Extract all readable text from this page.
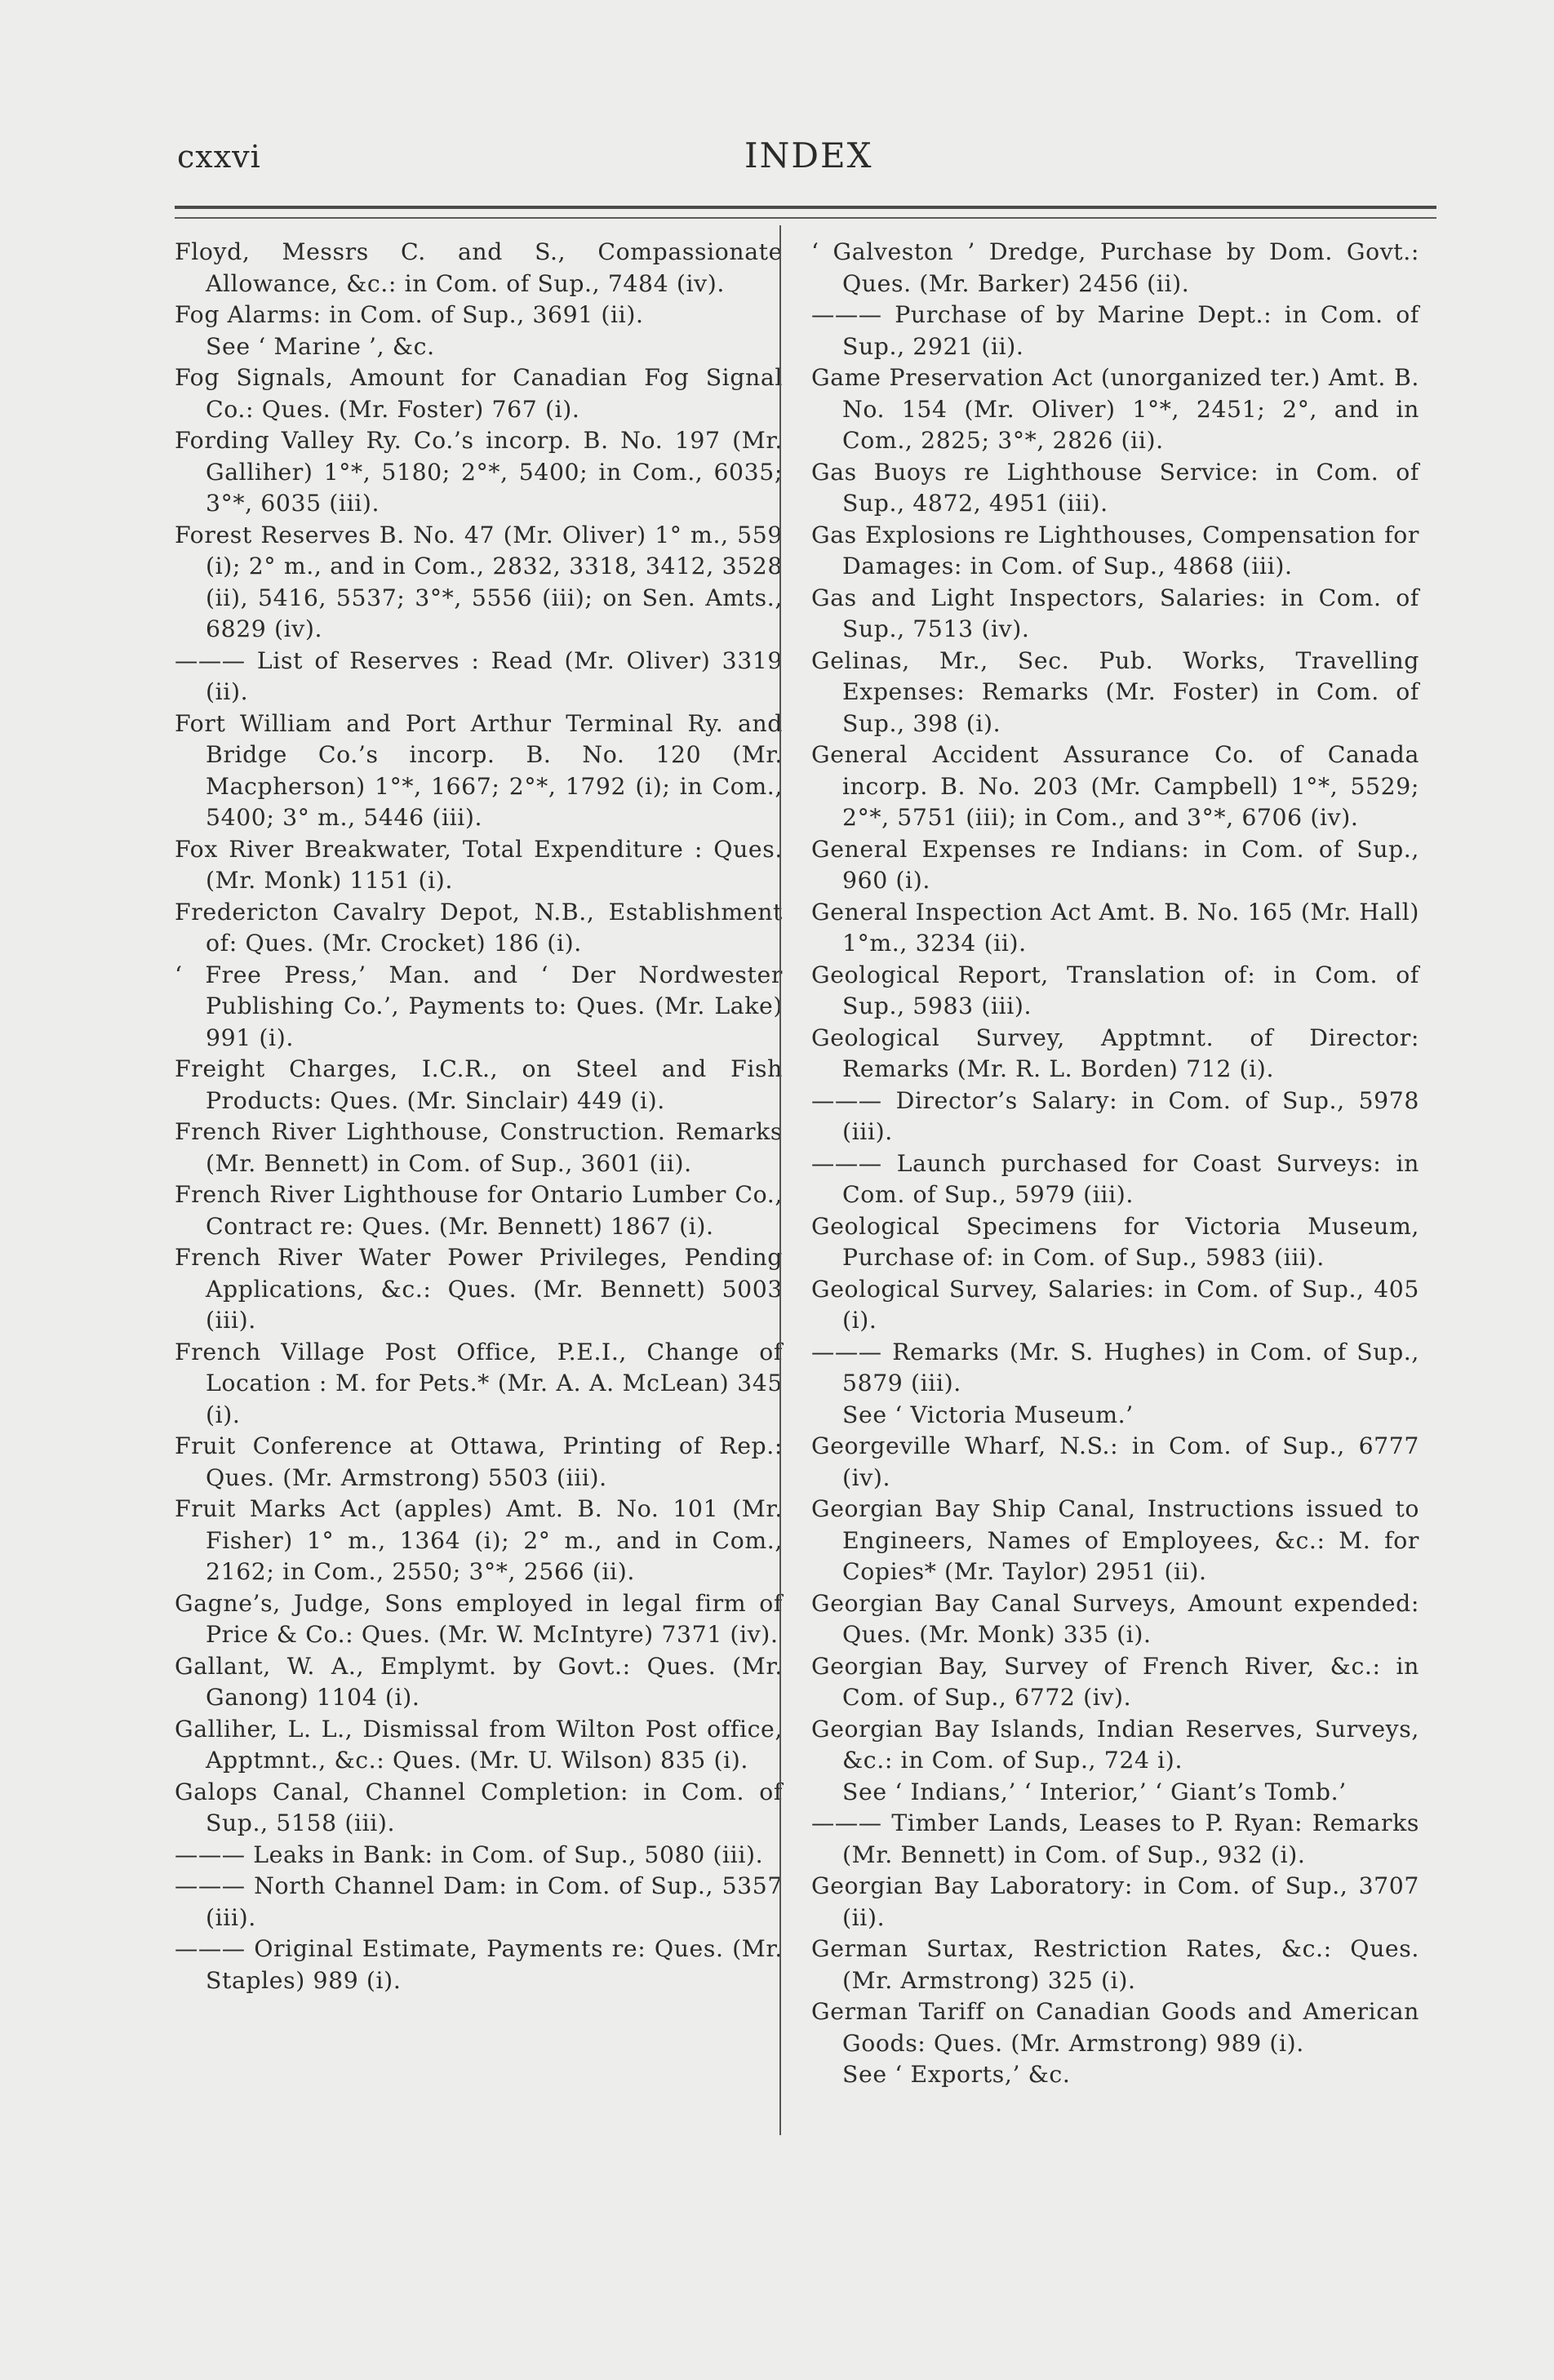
cxxvi	INDEX

Floyd, Messrs C. and S., Compassionate Allowance, &c.: in Com. of Sup., 7484 (iv).

Fog Alarms: in Com. of Sup., 3691 (ii).

See ‘ Marine ’, &c.

Fog Signals, Amount for Canadian Fog Signal Co.: Ques. (Mr. Foster) 767 (i).

Fording Valley Ry. Co.’s incorp. B. No. 197 (Mr. Galliher) 1°*, 5180; 2°*, 5400; in Com., 6035; 3°*, 6035 (iii).

Forest Reserves B. No. 47 (Mr. Oliver) 1° m., 559 (i); 2° m., and in Com., 2832, 3318, 3412, 3528 (ii), 5416, 5537; 3°*, 5556 (iii); on Sen. Amts., 6829 (iv).

——— List of Reserves : Read (Mr. Oliver) 3319 (ii).

Fort William and Port Arthur Terminal Ry. and Bridge Co.’s incorp. B. No. 120 (Mr. Macpherson) 1°*, 1667; 2°*, 1792 (i); in Com., 5400; 3° m., 5446 (iii).

Fox River Breakwater, Total Expenditure : Ques. (Mr. Monk) 1151 (i).

Fredericton Cavalry Depot, N.B., Establishment of: Ques. (Mr. Crocket) 186 (i).

‘ Free Press,’ Man. and ‘ Der Nordwester Publishing Co.’, Payments to: Ques. (Mr. Lake) 991 (i).

Freight Charges, I.C.R., on Steel and Fish Products: Ques. (Mr. Sinclair) 449 (i).

French River Lighthouse, Construction. Remarks (Mr. Bennett) in Com. of Sup., 3601 (ii).

French River Lighthouse for Ontario Lumber Co., Contract re: Ques. (Mr. Bennett) 1867 (i).

French River Water Power Privileges, Pending Applications, &c.: Ques. (Mr. Bennett) 5003 (iii).

French Village Post Office, P.E.I., Change of Location : M. for Pets.* (Mr. A. A. McLean) 345 (i).

Fruit Conference at Ottawa, Printing of Rep.: Ques. (Mr. Armstrong) 5503 (iii).

Fruit Marks Act (apples) Amt. B. No. 101 (Mr. Fisher) 1° m., 1364 (i); 2° m., and in Com., 2162; in Com., 2550; 3°*, 2566 (ii).

Gagne’s, Judge, Sons employed in legal firm of Price & Co.: Ques. (Mr. W. McIntyre) 7371 (iv).

Gallant, W. A., Emplymt. by Govt.: Ques. (Mr. Ganong) 1104 (i).

Galliher, L. L., Dismissal from Wilton Post office, Apptmnt., &c.: Ques. (Mr. U. Wilson) 835 (i).

Galops Canal, Channel Completion: in Com. of Sup., 5158 (iii).

——— Leaks in Bank: in Com. of Sup., 5080 (iii).

——— North Channel Dam: in Com. of Sup., 5357 (iii).

——— Original Estimate, Payments re: Ques. (Mr. Staples) 989 (i).

‘ Galveston ’ Dredge, Purchase by Dom. Govt.: Ques. (Mr. Barker) 2456 (ii).

——— Purchase of by Marine Dept.: in Com. of Sup., 2921 (ii).

Game Preservation Act (unorganized ter.) Amt. B. No. 154 (Mr. Oliver) 1°*, 2451; 2°, and in Com., 2825; 3°*, 2826 (ii).

Gas Buoys re Lighthouse Service: in Com. of Sup., 4872, 4951 (iii).

Gas Explosions re Lighthouses, Compensation for Damages: in Com. of Sup., 4868 (iii).

Gas and Light Inspectors, Salaries: in Com. of Sup., 7513 (iv).

Gelinas, Mr., Sec. Pub. Works, Travelling Expenses: Remarks (Mr. Foster) in Com. of Sup., 398 (i).

General Accident Assurance Co. of Canada incorp. B. No. 203 (Mr. Campbell) 1°*, 5529; 2°*, 5751 (iii); in Com., and 3°*, 6706 (iv).

General Expenses re Indians: in Com. of Sup., 960 (i).

General Inspection Act Amt. B. No. 165 (Mr. Hall) 1°m., 3234 (ii).

Geological Report, Translation of: in Com. of Sup., 5983 (iii).

Geological Survey, Apptmnt. of Director: Remarks (Mr. R. L. Borden) 712 (i).

——— Director’s Salary: in Com. of Sup., 5978 (iii).

——— Launch purchased for Coast Surveys: in Com. of Sup., 5979 (iii).

Geological Specimens for Victoria Museum, Purchase of: in Com. of Sup., 5983 (iii).

Geological Survey, Salaries: in Com. of Sup., 405 (i).

——— Remarks (Mr. S. Hughes) in Com. of Sup., 5879 (iii).

See ‘ Victoria Museum.’

Georgeville Wharf, N.S.: in Com. of Sup., 6777 (iv).

Georgian Bay Ship Canal, Instructions issued to Engineers, Names of Employees, &c.: M. for Copies* (Mr. Taylor) 2951 (ii).

Georgian Bay Canal Surveys, Amount expended: Ques. (Mr. Monk) 335 (i).

Georgian Bay, Survey of French River, &c.: in Com. of Sup., 6772 (iv).

Georgian Bay Islands, Indian Reserves, Surveys, &c.: in Com. of Sup., 724 i).

See ‘ Indians,’ ‘ Interior,’ ‘ Giant’s Tomb.’

——— Timber Lands, Leases to P. Ryan: Remarks (Mr. Bennett) in Com. of Sup., 932 (i).

Georgian Bay Laboratory: in Com. of Sup., 3707 (ii).

German Surtax, Restriction Rates, &c.: Ques. (Mr. Armstrong) 325 (i).

German Tariff on Canadian Goods and American Goods: Ques. (Mr. Armstrong) 989 (i).

See ‘ Exports,’ &c.
